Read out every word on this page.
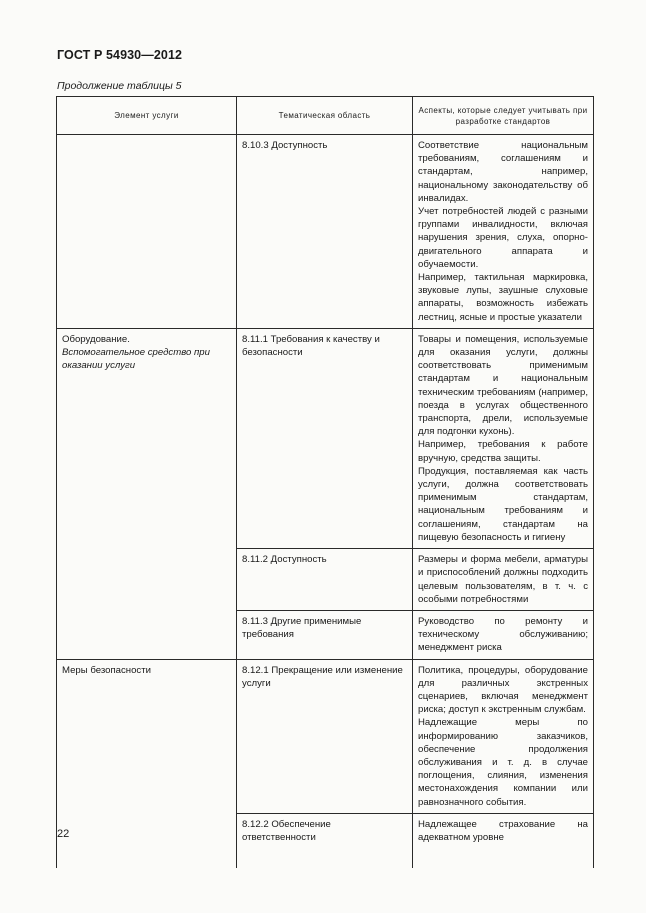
ГОСТ Р 54930—2012
Продолжение таблицы 5
Элемент услуги	Тематическая область	Аспекты, которые следует учитывать при разработке стандартов
	8.10.3 Доступность	Соответствие национальным требованиям, соглашениям и стандартам, например, национальному законодательству об инвалидах.
Учет потребностей людей с разными группами инвалидности, включая нарушения зрения, слуха, опорно-двигательного аппарата и обучаемости.
Например, тактильная маркировка, звуковые лупы, заушные слуховые аппараты, возможность избежать лестниц, ясные и простые указатели

Оборудование.
Вспомогательное средство при оказании услуги	8.11.1 Требования к качеству и безопасности	Товары и помещения, используемые для оказания услуги, должны соответствовать применимым стандартам и национальным техническим требованиям (например, поезда в услугах общественного транспорта, дрели, используемые для подгонки кухонь).
Например, требования к работе вручную, средства защиты.
Продукция, поставляемая как часть услуги, должна соответствовать применимым стандартам, национальным требованиям и соглашениям, стандартам на пищевую безопасность и гигиену

	8.11.2 Доступность	Размеры и форма мебели, арматуры и приспособлений должны подходить целевым пользователям, в т. ч. с особыми потребностями

	8.11.3 Другие применимые требования	Руководство по ремонту и техническому обслуживанию; менеджмент риска

Меры безопасности	8.12.1 Прекращение или изменение услуги	Политика, процедуры, оборудование для различных экстренных сценариев, включая менеджмент риска; доступ к экстренным службам.
Надлежащие меры по информированию заказчиков, обеспечение продолжения обслуживания и т. д. в случае поглощения, слияния, изменения местонахождения компании или равнозначного события.

	8.12.2 Обеспечение ответственности	Надлежащее страхование на адекватном уровне
22
